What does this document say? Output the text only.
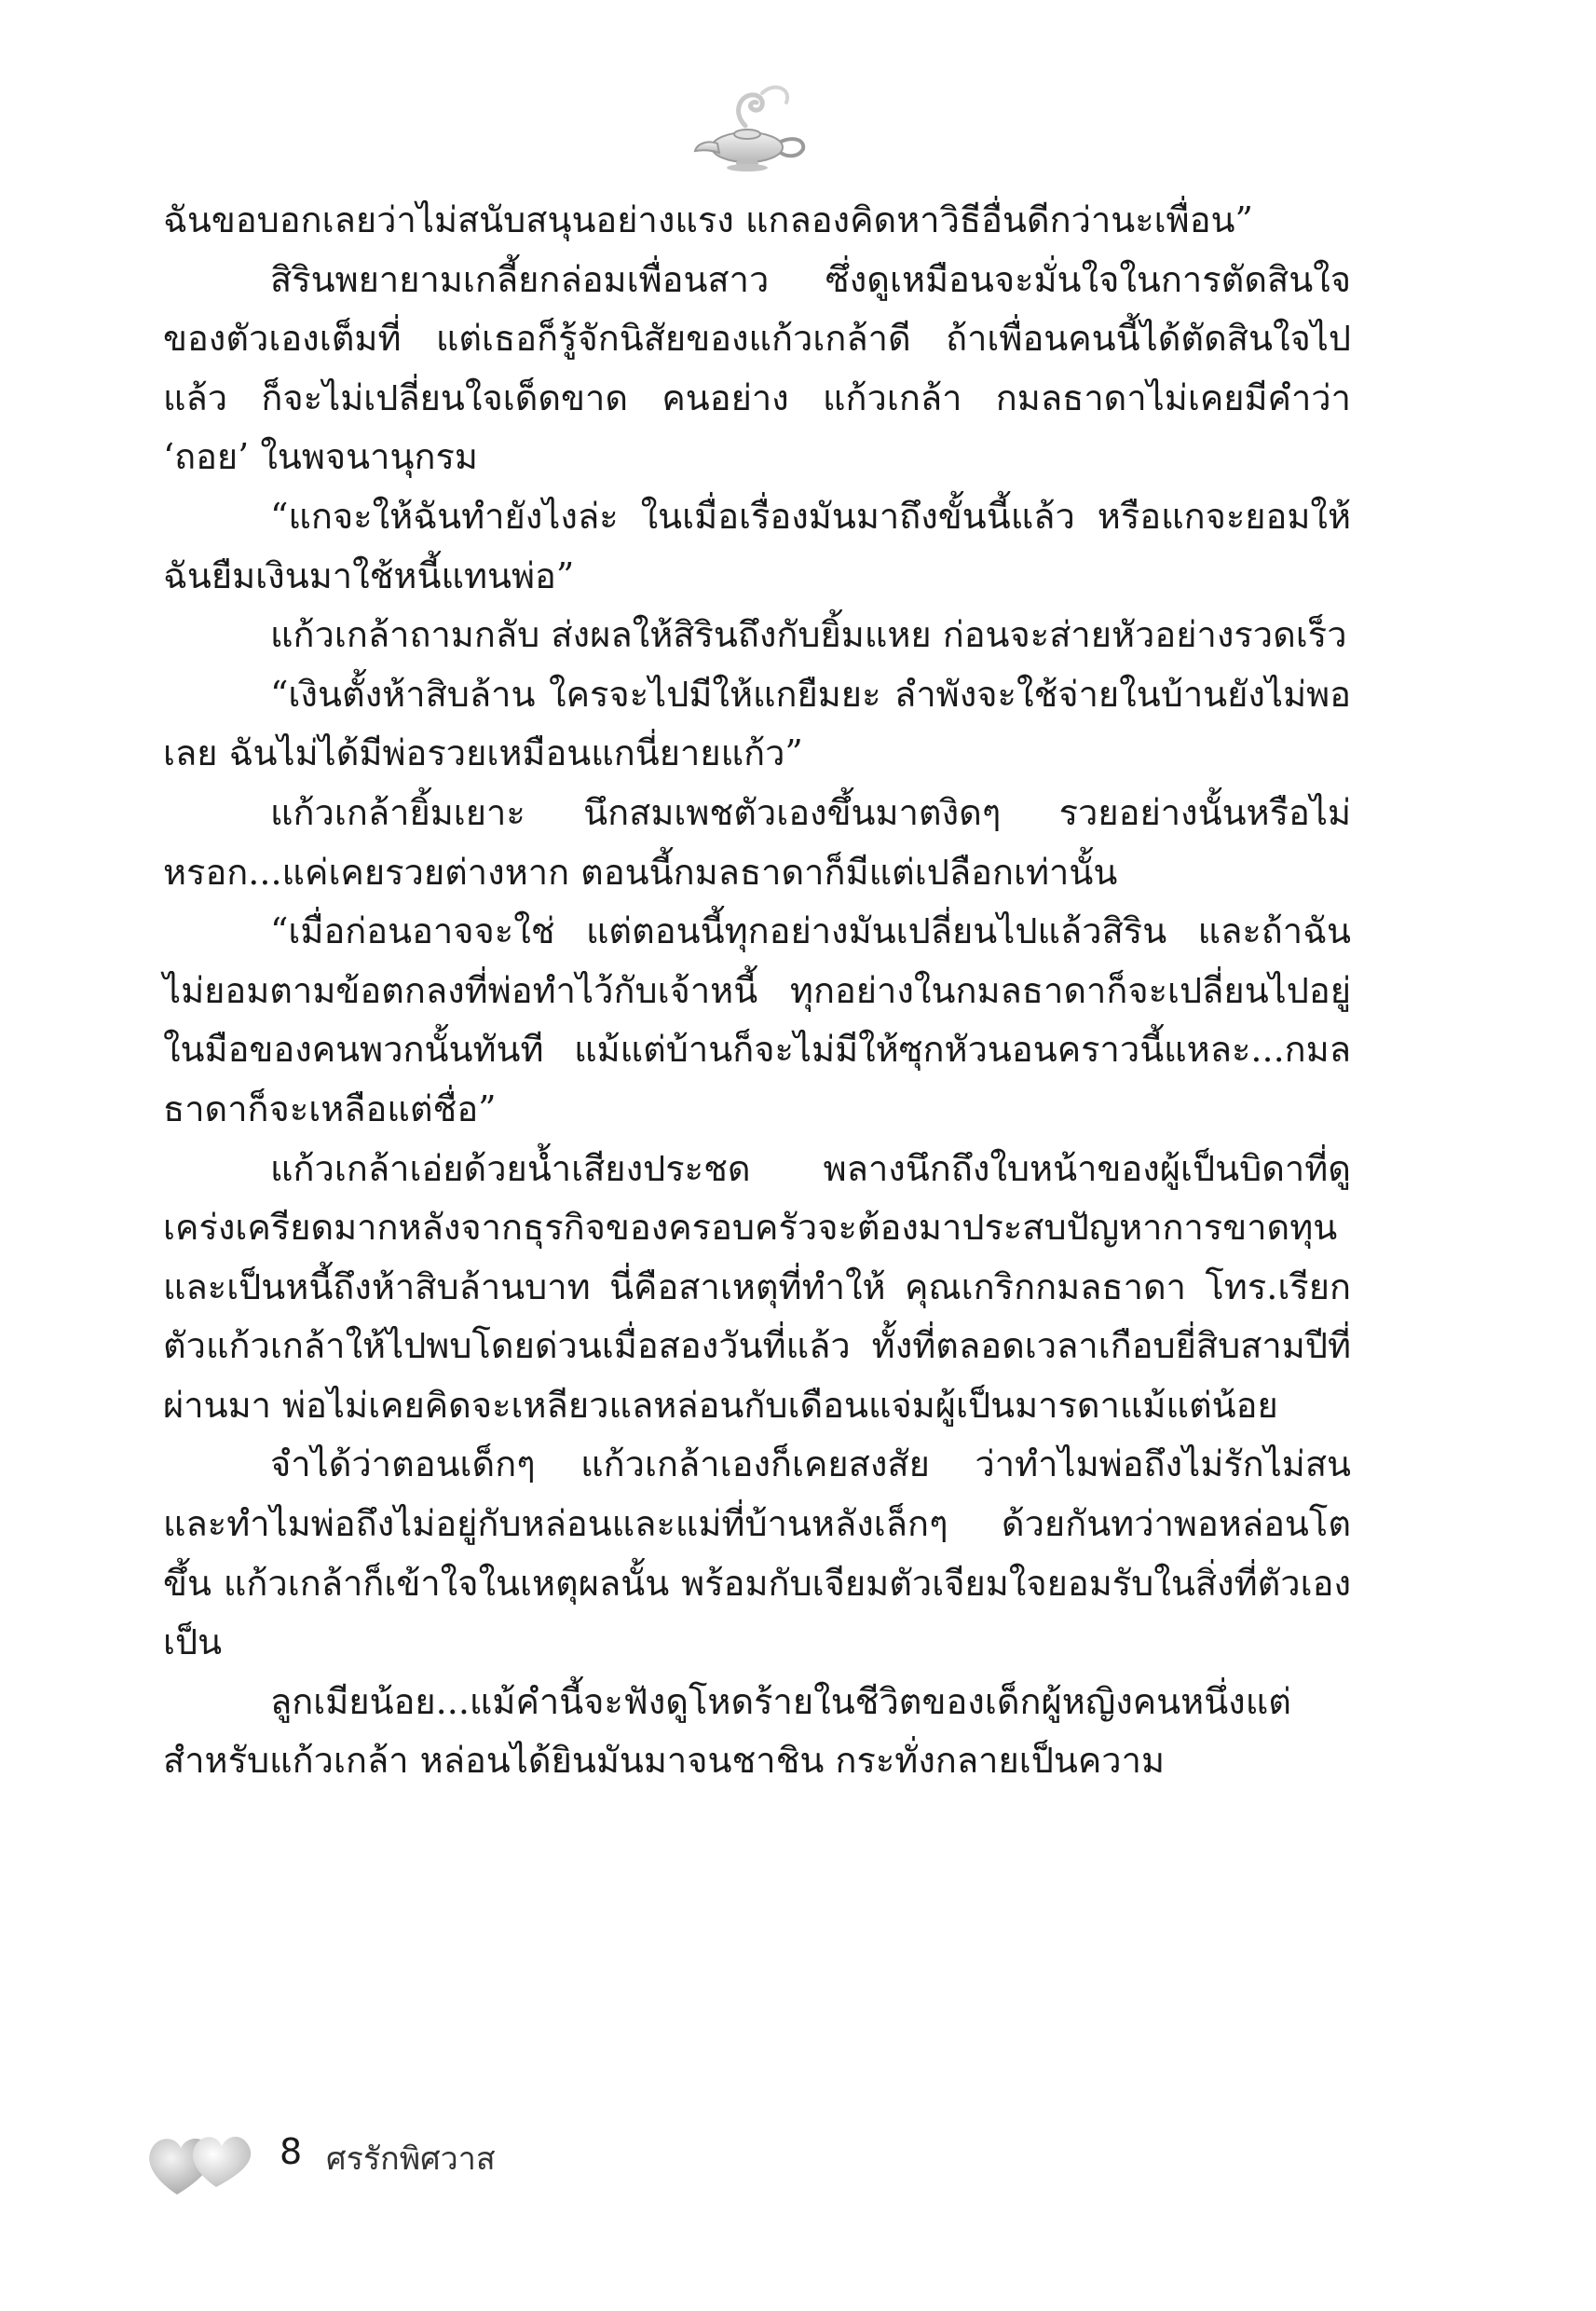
ฉันขอบอกเลยว่าไม่สนับสนุนอย่างแรง แกลองคิดหาวิธีอื่นดีกว่านะเพื่อน”

สิรินพยายามเกลี้ยกล่อมเพื่อนสาว ซึ่งดูเหมือนจะมั่นใจในการตัดสินใจของตัวเองเต็มที่ แต่เธอก็รู้จักนิสัยของแก้วเกล้าดี ถ้าเพื่อนคนนี้ได้ตัดสินใจไปแล้ว ก็จะไม่เปลี่ยนใจเด็ดขาด คนอย่าง แก้วเกล้า กมลธาดาไม่เคยมีคำว่า ‘ถอย’ ในพจนานุกรม

“แกจะให้ฉันทำยังไงล่ะ ในเมื่อเรื่องมันมาถึงขั้นนี้แล้ว หรือแกจะยอมให้ฉันยืมเงินมาใช้หนี้แทนพ่อ”

แก้วเกล้าถามกลับ ส่งผลให้สิรินถึงกับยิ้มแหย ก่อนจะส่ายหัวอย่างรวดเร็ว

“เงินตั้งห้าสิบล้าน ใครจะไปมีให้แกยืมยะ ลำพังจะใช้จ่ายในบ้านยังไม่พอเลย ฉันไม่ได้มีพ่อรวยเหมือนแกนี่ยายแก้ว”

แก้วเกล้ายิ้มเยาะ นึกสมเพชตัวเองขึ้นมาตงิดๆ รวยอย่างนั้นหรือไม่หรอก...แค่เคยรวยต่างหาก ตอนนี้กมลธาดาก็มีแต่เปลือกเท่านั้น

“เมื่อก่อนอาจจะใช่ แต่ตอนนี้ทุกอย่างมันเปลี่ยนไปแล้วสิริน และถ้าฉันไม่ยอมตามข้อตกลงที่พ่อทำไว้กับเจ้าหนี้ ทุกอย่างในกมลธาดาก็จะเปลี่ยนไปอยู่ในมือของคนพวกนั้นทันที แม้แต่บ้านก็จะไม่มีให้ซุกหัวนอนคราวนี้แหละ...กมลธาดาก็จะเหลือแต่ชื่อ”

แก้วเกล้าเอ่ยด้วยน้ำเสียงประชด พลางนึกถึงใบหน้าของผู้เป็นบิดาที่ดูเคร่งเครียดมากหลังจากธุรกิจของครอบครัวจะต้องมาประสบปัญหาการขาดทุน และเป็นหนี้ถึงห้าสิบล้านบาท นี่คือสาเหตุที่ทำให้ คุณเกริกกมลธาดา โทร.เรียกตัวแก้วเกล้าให้ไปพบโดยด่วนเมื่อสองวันที่แล้ว ทั้งที่ตลอดเวลาเกือบยี่สิบสามปีที่ผ่านมา พ่อไม่เคยคิดจะเหลียวแลหล่อนกับเดือนแจ่มผู้เป็นมารดาแม้แต่น้อย

จำได้ว่าตอนเด็กๆ แก้วเกล้าเองก็เคยสงสัย ว่าทำไมพ่อถึงไม่รักไม่สน และทำไมพ่อถึงไม่อยู่กับหล่อนและแม่ที่บ้านหลังเล็กๆ ด้วยกันทว่าพอหล่อนโตขึ้น แก้วเกล้าก็เข้าใจในเหตุผลนั้น พร้อมกับเจียมตัวเจียมใจยอมรับในสิ่งที่ตัวเองเป็น

ลูกเมียน้อย...แม้คำนี้จะฟังดูโหดร้ายในชีวิตของเด็กผู้หญิงคนหนึ่งแต่สำหรับแก้วเกล้า หล่อนได้ยินมันมาจนชาชิน กระทั่งกลายเป็นความ

8 ศรรักพิศวาส
